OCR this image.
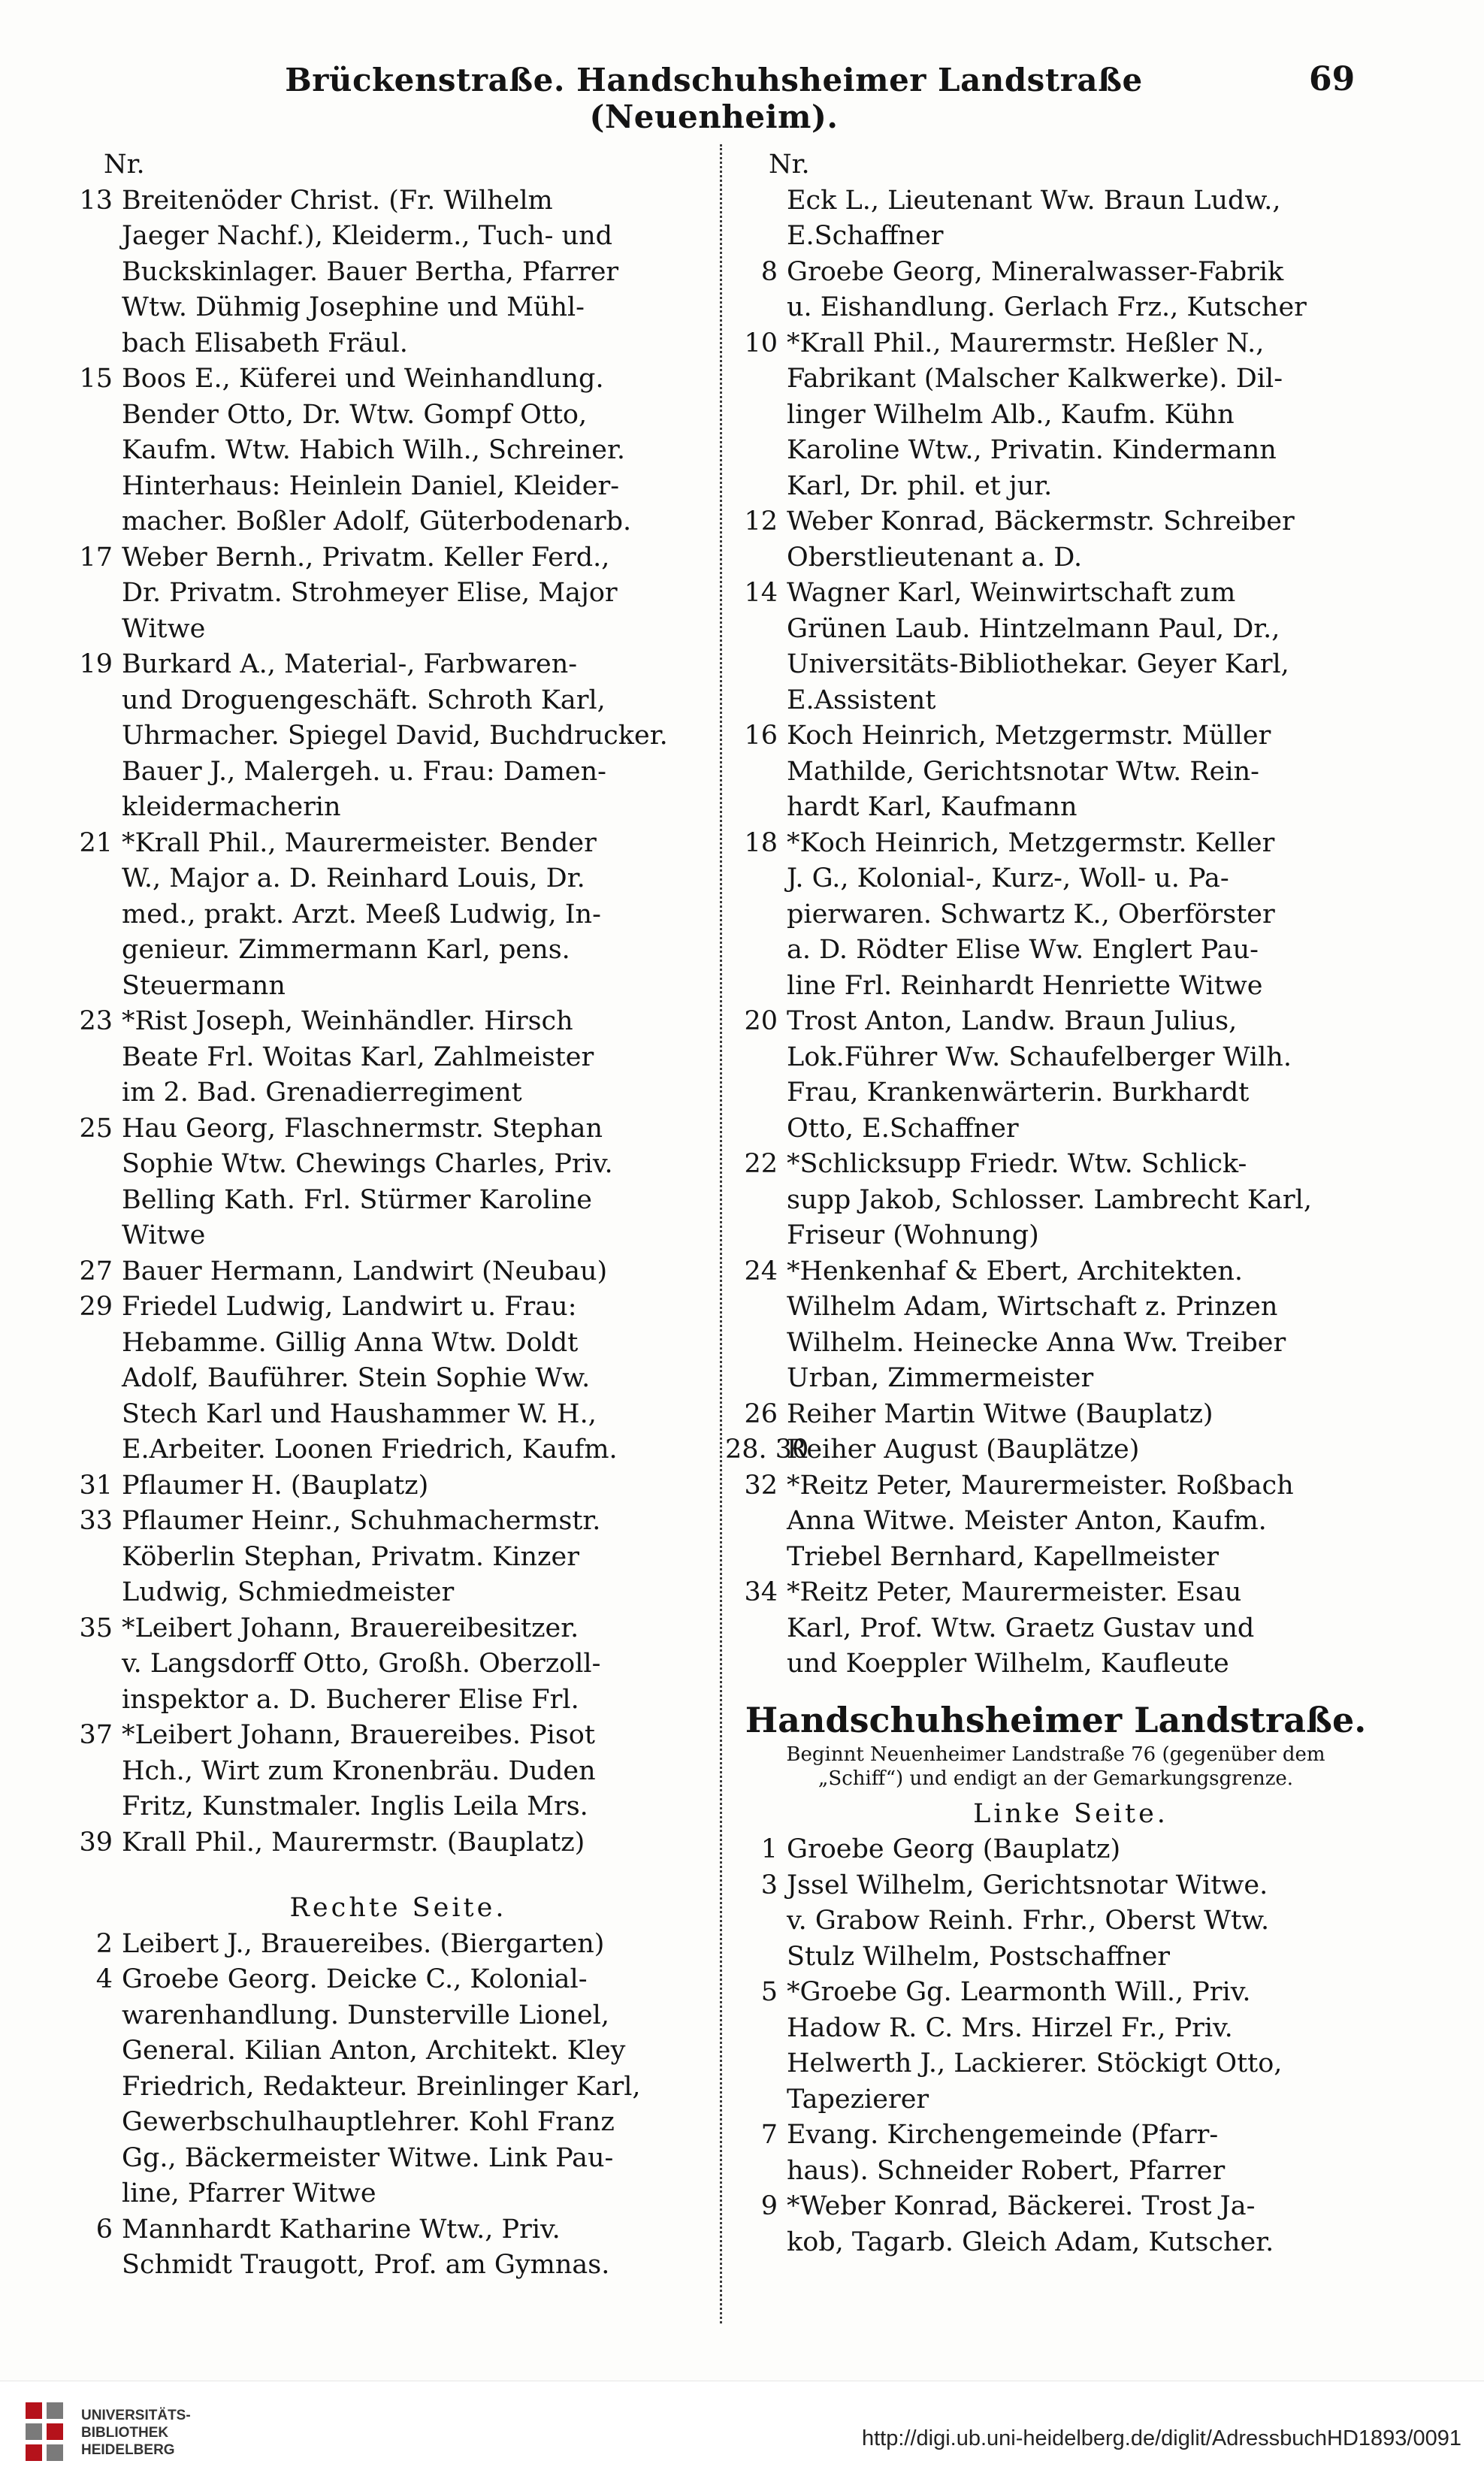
Brückenstraße. Handschuhsheimer Landstraße (Neuenheim).
69
Nr.
13 Breitenöder Christ. (Fr. Wilhelm
Jaeger Nachf.), Kleiderm., Tuch- und
Buckskinlager. Bauer Bertha, Pfarrer
Wtw. Dühmig Josephine und Mühl-
bach Elisabeth Fräul.
15 Boos E., Küferei und Weinhandlung.
Bender Otto, Dr. Wtw. Gompf Otto,
Kaufm. Wtw. Habich Wilh., Schreiner.
Hinterhaus: Heinlein Daniel, Kleider-
macher. Boßler Adolf, Güterbodenarb.
17 Weber Bernh., Privatm. Keller Ferd.,
Dr. Privatm. Strohmeyer Elise, Major
Witwe
19 Burkard A., Material-, Farbwaren-
und Droguengeschäft. Schroth Karl,
Uhrmacher. Spiegel David, Buchdrucker.
Bauer J., Malergeh. u. Frau: Damen-
kleidermacherin
21 *Krall Phil., Maurermeister. Bender
W., Major a. D. Reinhard Louis, Dr.
med., prakt. Arzt. Meeß Ludwig, In-
genieur. Zimmermann Karl, pens.
Steuermann
23 *Rist Joseph, Weinhändler. Hirsch
Beate Frl. Woitas Karl, Zahlmeister
im 2. Bad. Grenadierregiment
25 Hau Georg, Flaschnermstr. Stephan
Sophie Wtw. Chewings Charles, Priv.
Belling Kath. Frl. Stürmer Karoline
Witwe
27 Bauer Hermann, Landwirt (Neubau)
29 Friedel Ludwig, Landwirt u. Frau:
Hebamme. Gillig Anna Wtw. Doldt
Adolf, Bauführer. Stein Sophie Ww.
Stech Karl und Haushammer W. H.,
E.Arbeiter. Loonen Friedrich, Kaufm.
31 Pflaumer H. (Bauplatz)
33 Pflaumer Heinr., Schuhmachermstr.
Köberlin Stephan, Privatm. Kinzer
Ludwig, Schmiedmeister
35 *Leibert Johann, Brauereibesitzer.
v. Langsdorff Otto, Großh. Oberzoll-
inspektor a. D. Bucherer Elise Frl.
37 *Leibert Johann, Brauereibes. Pisot
Hch., Wirt zum Kronenbräu. Duden
Fritz, Kunstmaler. Inglis Leila Mrs.
39 Krall Phil., Maurermstr. (Bauplatz)
Rechte Seite.
2 Leibert J., Brauereibes. (Biergarten)
4 Groebe Georg. Deicke C., Kolonial-
warenhandlung. Dunsterville Lionel,
General. Kilian Anton, Architekt. Kley
Friedrich, Redakteur. Breinlinger Karl,
Gewerbschulhauptlehrer. Kohl Franz
Gg., Bäckermeister Witwe. Link Pau-
line, Pfarrer Witwe
6 Mannhardt Katharine Wtw., Priv.
Schmidt Traugott, Prof. am Gymnas.
Nr.
Eck L., Lieutenant Ww. Braun Ludw.,
E.Schaffner
8 Groebe Georg, Mineralwasser-Fabrik
u. Eishandlung. Gerlach Frz., Kutscher
10 *Krall Phil., Maurermstr. Heßler N.,
Fabrikant (Malscher Kalkwerke). Dil-
linger Wilhelm Alb., Kaufm. Kühn
Karoline Wtw., Privatin. Kindermann
Karl, Dr. phil. et jur.
12 Weber Konrad, Bäckermstr. Schreiber
Oberstlieutenant a. D.
14 Wagner Karl, Weinwirtschaft zum
Grünen Laub. Hintzelmann Paul, Dr.,
Universitäts-Bibliothekar. Geyer Karl,
E.Assistent
16 Koch Heinrich, Metzgermstr. Müller
Mathilde, Gerichtsnotar Wtw. Rein-
hardt Karl, Kaufmann
18 *Koch Heinrich, Metzgermstr. Keller
J. G., Kolonial-, Kurz-, Woll- u. Pa-
pierwaren. Schwartz K., Oberförster
a. D. Rödter Elise Ww. Englert Pau-
line Frl. Reinhardt Henriette Witwe
20 Trost Anton, Landw. Braun Julius,
Lok.Führer Ww. Schaufelberger Wilh.
Frau, Krankenwärterin. Burkhardt
Otto, E.Schaffner
22 *Schlicksupp Friedr. Wtw. Schlick-
supp Jakob, Schlosser. Lambrecht Karl,
Friseur (Wohnung)
24 *Henkenhaf & Ebert, Architekten.
Wilhelm Adam, Wirtschaft z. Prinzen
Wilhelm. Heinecke Anna Ww. Treiber
Urban, Zimmermeister
26 Reiher Martin Witwe (Bauplatz)
28. 30
Reiher August (Bauplätze)
32 *Reitz Peter, Maurermeister. Roßbach
Anna Witwe. Meister Anton, Kaufm.
Triebel Bernhard, Kapellmeister
34 *Reitz Peter, Maurermeister. Esau
Karl, Prof. Wtw. Graetz Gustav und
und Koeppler Wilhelm, Kaufleute
Handschuhsheimer Landstraße.
Beginnt Neuenheimer Landstraße 76 (gegenüber dem
„Schiff“) und endigt an der Gemarkungsgrenze.
Linke Seite.
1 Groebe Georg (Bauplatz)
3 Jssel Wilhelm, Gerichtsnotar Witwe.
v. Grabow Reinh. Frhr., Oberst Wtw.
Stulz Wilhelm, Postschaffner
5 *Groebe Gg. Learmonth Will., Priv.
Hadow R. C. Mrs. Hirzel Fr., Priv.
Helwerth J., Lackierer. Stöckigt Otto,
Tapezierer
7 Evang. Kirchengemeinde (Pfarr-
haus). Schneider Robert, Pfarrer
9 *Weber Konrad, Bäckerei. Trost Ja-
kob, Tagarb. Gleich Adam, Kutscher.
UNIVERSITÄTS-
BIBLIOTHEK
HEIDELBERG	http://digi.ub.uni-heidelberg.de/diglit/AdressbuchHD1893/0091
